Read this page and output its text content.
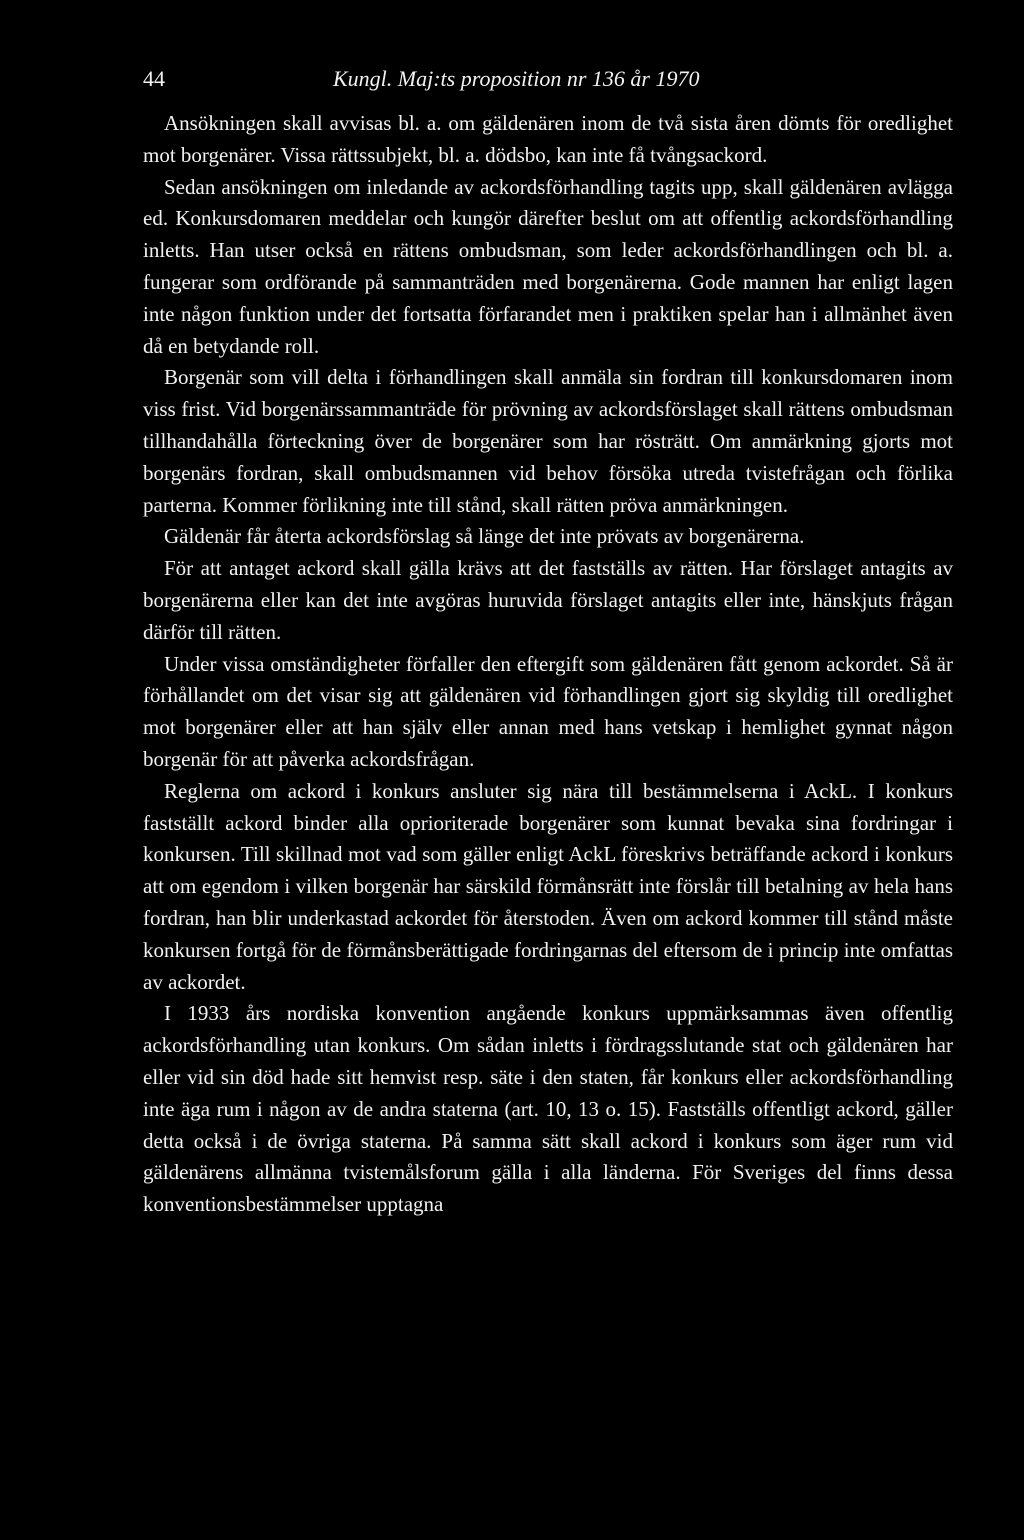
44	Kungl. Maj:ts proposition nr 136 år 1970

Ansökningen skall avvisas bl. a. om gäldenären inom de två sista åren dömts för oredlighet mot borgenärer. Vissa rättssubjekt, bl. a. dödsbo, kan inte få tvångsackord.

Sedan ansökningen om inledande av ackordsförhandling tagits upp, skall gäldenären avlägga ed. Konkursdomaren meddelar och kungör därefter beslut om att offentlig ackordsförhandling inletts. Han utser också en rättens ombudsman, som leder ackordsförhandlingen och bl. a. fungerar som ordförande på sammanträden med borgenärerna. Gode mannen har enligt lagen inte någon funktion under det fortsatta förfarandet men i praktiken spelar han i allmänhet även då en betydande roll.

Borgenär som vill delta i förhandlingen skall anmäla sin fordran till konkursdomaren inom viss frist. Vid borgenärssammanträde för prövning av ackordsförslaget skall rättens ombudsman tillhandahålla förteckning över de borgenärer som har rösträtt. Om anmärkning gjorts mot borgenärs fordran, skall ombudsmannen vid behov försöka utreda tvistefrågan och förlika parterna. Kommer förlikning inte till stånd, skall rätten pröva anmärkningen.

Gäldenär får återta ackordsförslag så länge det inte prövats av borgenärerna.

För att antaget ackord skall gälla krävs att det fastställs av rätten. Har förslaget antagits av borgenärerna eller kan det inte avgöras huruvida förslaget antagits eller inte, hänskjuts frågan därför till rätten.

Under vissa omständigheter förfaller den eftergift som gäldenären fått genom ackordet. Så är förhållandet om det visar sig att gäldenären vid förhandlingen gjort sig skyldig till oredlighet mot borgenärer eller att han själv eller annan med hans vetskap i hemlighet gynnat någon borgenär för att påverka ackordsfrågan.

Reglerna om ackord i konkurs ansluter sig nära till bestämmelserna i AckL. I konkurs fastställt ackord binder alla oprioriterade borgenärer som kunnat bevaka sina fordringar i konkursen. Till skillnad mot vad som gäller enligt AckL föreskrivs beträffande ackord i konkurs att om egendom i vilken borgenär har särskild förmånsrätt inte förslår till betalning av hela hans fordran, han blir underkastad ackordet för återstoden. Även om ackord kommer till stånd måste konkursen fortgå för de förmånsberättigade fordringarnas del eftersom de i princip inte omfattas av ackordet.

I 1933 års nordiska konvention angående konkurs uppmärksammas även offentlig ackordsförhandling utan konkurs. Om sådan inletts i fördragsslutande stat och gäldenären har eller vid sin död hade sitt hemvist resp. säte i den staten, får konkurs eller ackordsförhandling inte äga rum i någon av de andra staterna (art. 10, 13 o. 15). Fastställs offentligt ackord, gäller detta också i de övriga staterna. På samma sätt skall ackord i konkurs som äger rum vid gäldenärens allmänna tvistemålsforum gälla i alla länderna. För Sveriges del finns dessa konventionsbestämmelser upptagna
